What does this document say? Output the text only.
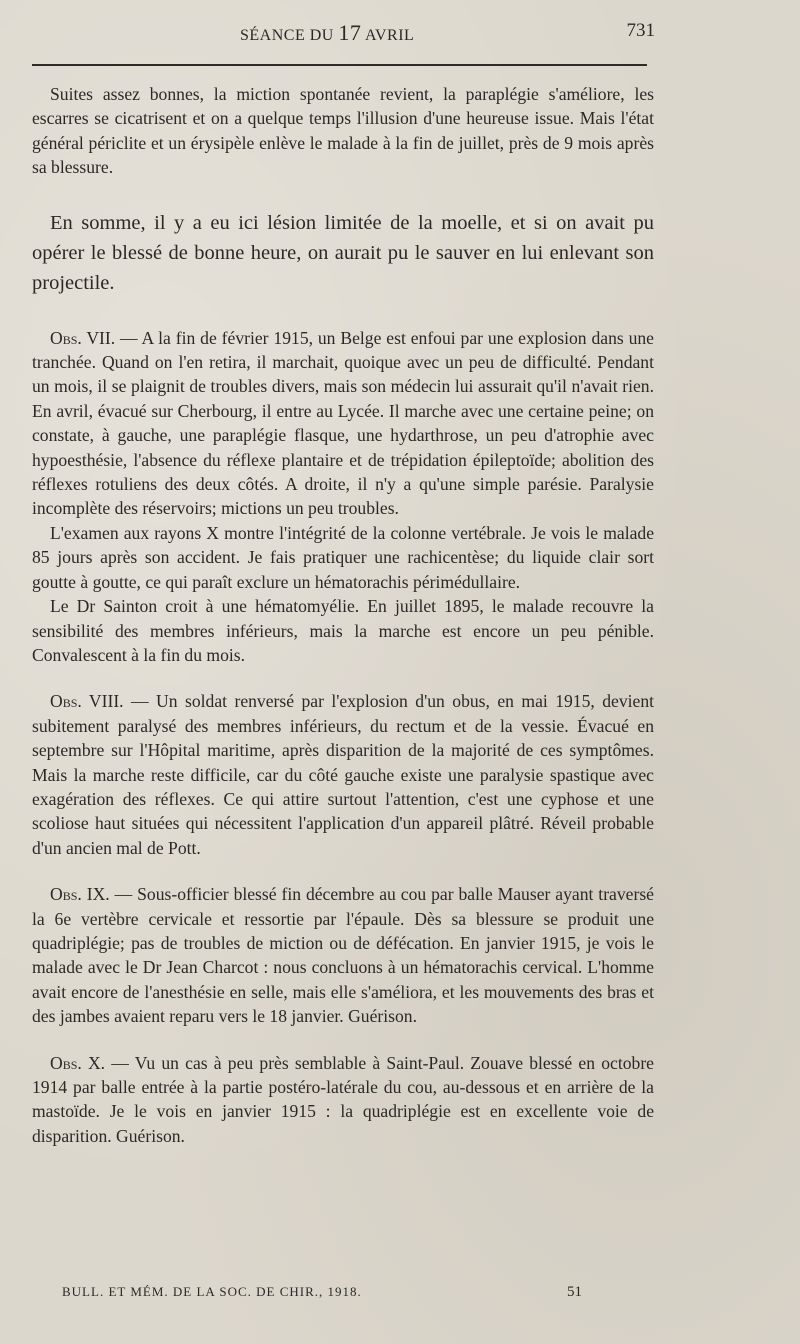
SÉANCE DU 17 AVRIL	731

Suites assez bonnes, la miction spontanée revient, la paraplégie s'améliore, les escarres se cicatrisent et on a quelque temps l'illusion d'une heureuse issue. Mais l'état général périclite et un érysipèle enlève le malade à la fin de juillet, près de 9 mois après sa blessure.

En somme, il y a eu ici lésion limitée de la moelle, et si on avait pu opérer le blessé de bonne heure, on aurait pu le sauver en lui enlevant son projectile.

Obs. VII. — A la fin de février 1915, un Belge est enfoui par une explosion dans une tranchée. Quand on l'en retira, il marchait, quoique avec un peu de difficulté. Pendant un mois, il se plaignit de troubles divers, mais son médecin lui assurait qu'il n'avait rien. En avril, évacué sur Cherbourg, il entre au Lycée. Il marche avec une certaine peine; on constate, à gauche, une paraplégie flasque, une hydarthrose, un peu d'atrophie avec hypoesthésie, l'absence du réflexe plantaire et de trépidation épileptoïde; abolition des réflexes rotuliens des deux côtés. A droite, il n'y a qu'une simple parésie. Paralysie incomplète des réservoirs; mictions un peu troubles.

L'examen aux rayons X montre l'intégrité de la colonne vertébrale. Je vois le malade 85 jours après son accident. Je fais pratiquer une rachicentèse; du liquide clair sort goutte à goutte, ce qui paraît exclure un hématorachis périmédullaire.

Le Dr Sainton croit à une hématomyélie. En juillet 1895, le malade recouvre la sensibilité des membres inférieurs, mais la marche est encore un peu pénible. Convalescent à la fin du mois.

Obs. VIII. — Un soldat renversé par l'explosion d'un obus, en mai 1915, devient subitement paralysé des membres inférieurs, du rectum et de la vessie. Évacué en septembre sur l'Hôpital maritime, après disparition de la majorité de ces symptômes. Mais la marche reste difficile, car du côté gauche existe une paralysie spastique avec exagération des réflexes. Ce qui attire surtout l'attention, c'est une cyphose et une scoliose haut situées qui nécessitent l'application d'un appareil plâtré. Réveil probable d'un ancien mal de Pott.

Obs. IX. — Sous-officier blessé fin décembre au cou par balle Mauser ayant traversé la 6e vertèbre cervicale et ressortie par l'épaule. Dès sa blessure se produit une quadriplégie; pas de troubles de miction ou de défécation. En janvier 1915, je vois le malade avec le Dr Jean Charcot : nous concluons à un hématorachis cervical. L'homme avait encore de l'anesthésie en selle, mais elle s'améliora, et les mouvements des bras et des jambes avaient reparu vers le 18 janvier. Guérison.

Obs. X. — Vu un cas à peu près semblable à Saint-Paul. Zouave blessé en octobre 1914 par balle entrée à la partie postéro-latérale du cou, au-dessous et en arrière de la mastoïde. Je le vois en janvier 1915 : la quadriplégie est en excellente voie de disparition. Guérison.

BULL. ET MÉM. DE LA SOC. DE CHIR., 1918.	51
